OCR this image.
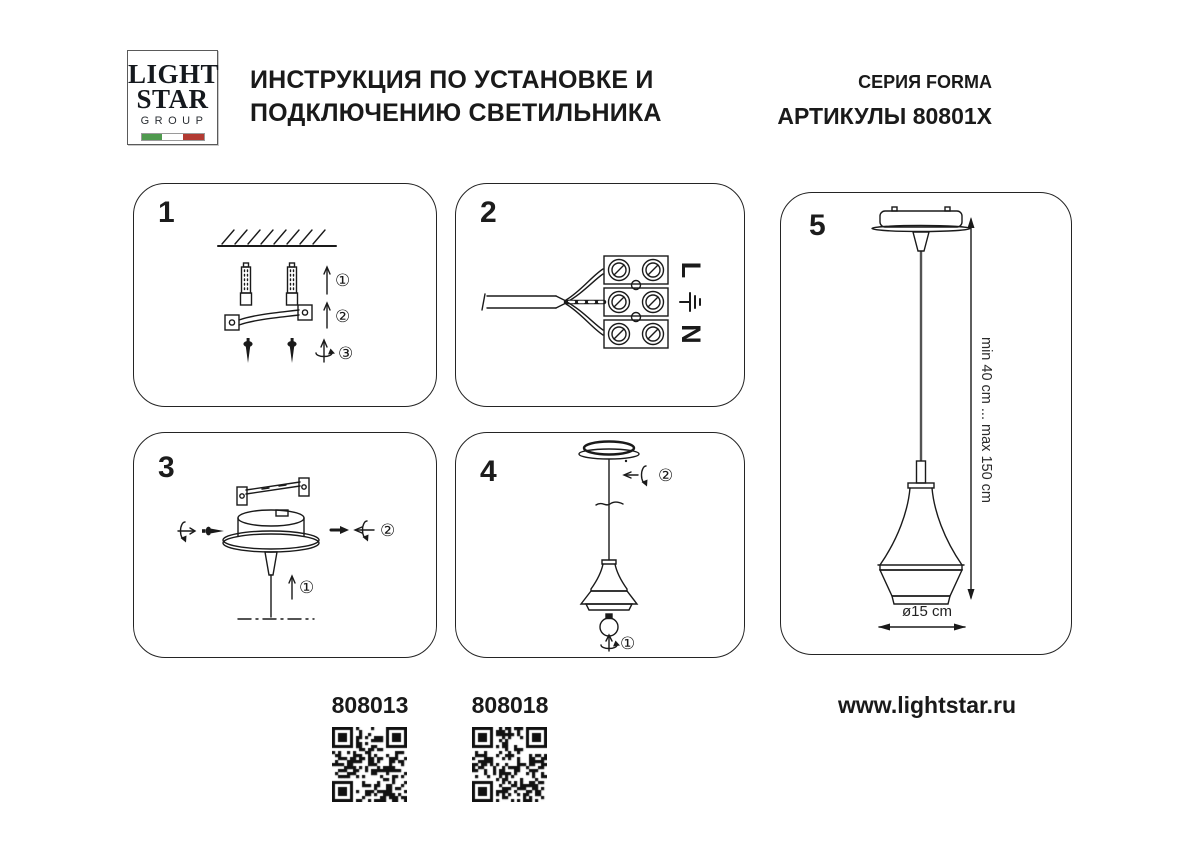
LIGHT
STAR
GROUP
ИНСТРУКЦИЯ ПО УСТАНОВКЕ И
ПОДКЛЮЧЕНИЮ СВЕТИЛЬНИКА
СЕРИЯ FORMA
АРТИКУЛЫ 80801X
1
①
②
③
2
L
N
3
②
①
4	②
①
5
min 40 cm ... max 150 cm
ø15 cm
808013	808018	www.lightstar.ru
